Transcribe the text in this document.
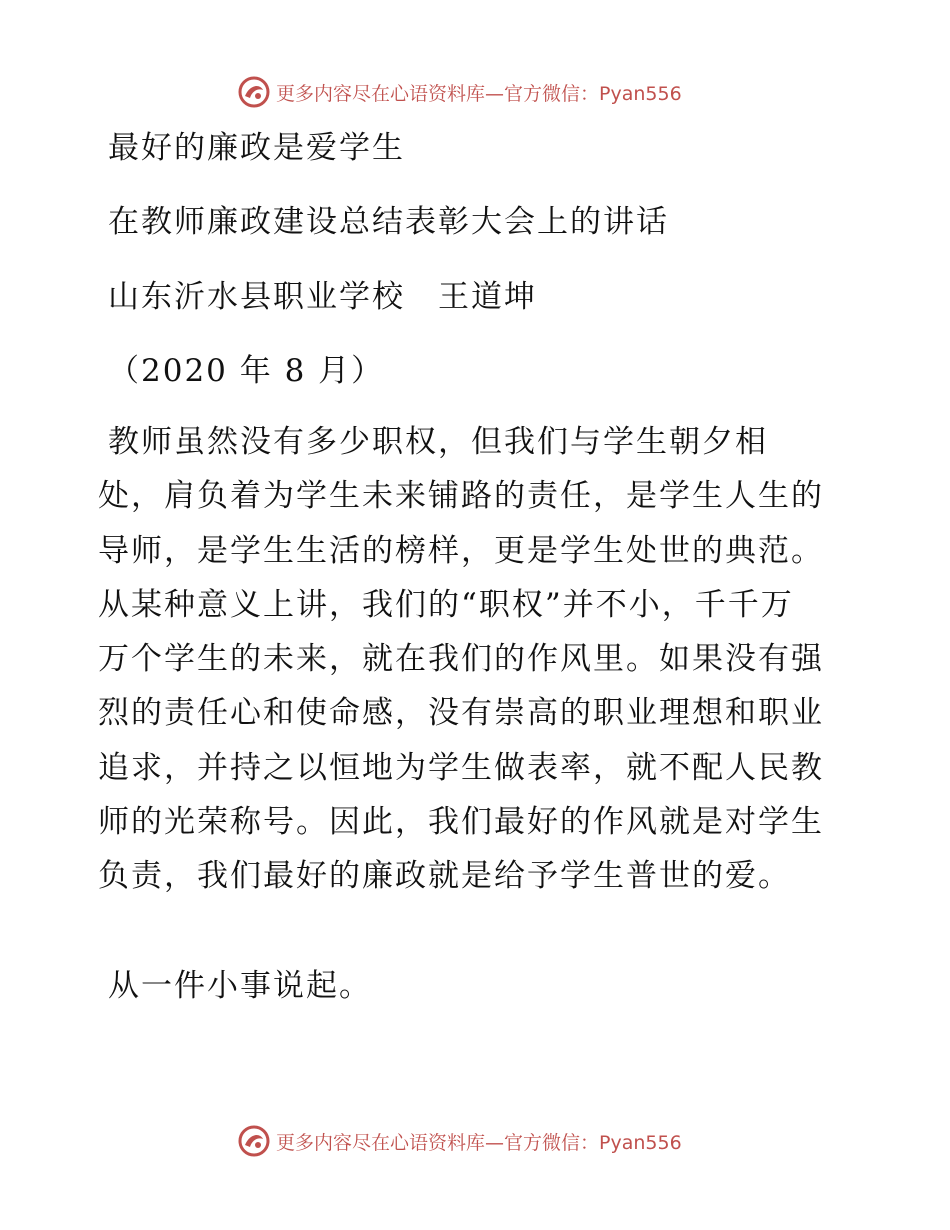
更多内容尽在心语资料库—官方微信：Pyan556
最好的廉政是爱学生
在教师廉政建设总结表彰大会上的讲话
山东沂水县职业学校　王道坤
（2020 年 8 月）
教师虽然没有多少职权，但我们与学生朝夕相
处，肩负着为学生未来铺路的责任，是学生人生的
导师，是学生生活的榜样，更是学生处世的典范。
从某种意义上讲，我们的“职权”并不小，千千万
万个学生的未来，就在我们的作风里。如果没有强
烈的责任心和使命感，没有崇高的职业理想和职业
追求，并持之以恒地为学生做表率，就不配人民教
师的光荣称号。因此，我们最好的作风就是对学生
负责，我们最好的廉政就是给予学生普世的爱。
从一件小事说起。
更多内容尽在心语资料库—官方微信：Pyan556
